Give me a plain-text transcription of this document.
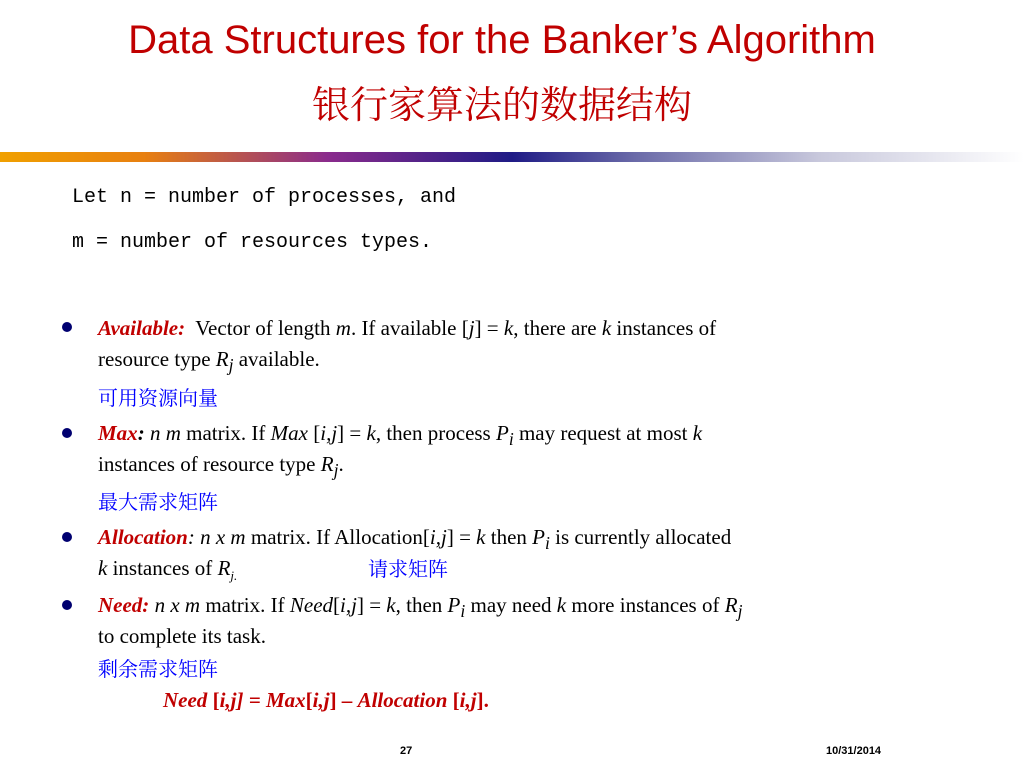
Data Structures for the Banker’s Algorithm
银行家算法的数据结构
Let n = number of processes, and
m = number of resources types.
Available: Vector of length m. If available [j] = k, there are k instances of
resource type $R_j$ available.
可用资源向量
Max: n m matrix. If Max [i,j] = k, then process $P_i$ may request at most k
instances of resource type $R_j$.
最大需求矩阵
Allocation: n x m matrix. If Allocation[i,j] = k then $P_i$ is currently allocated
k instances of $R_{j.}$	请求矩阵
Need: n x m matrix. If Need[i,j] = k, then $P_i$ may need k more instances of $R_j$
to complete its task.
剩余需求矩阵
Need [i,j] = Max[i,j] – Allocation [i,j].
27	10/31/2014
